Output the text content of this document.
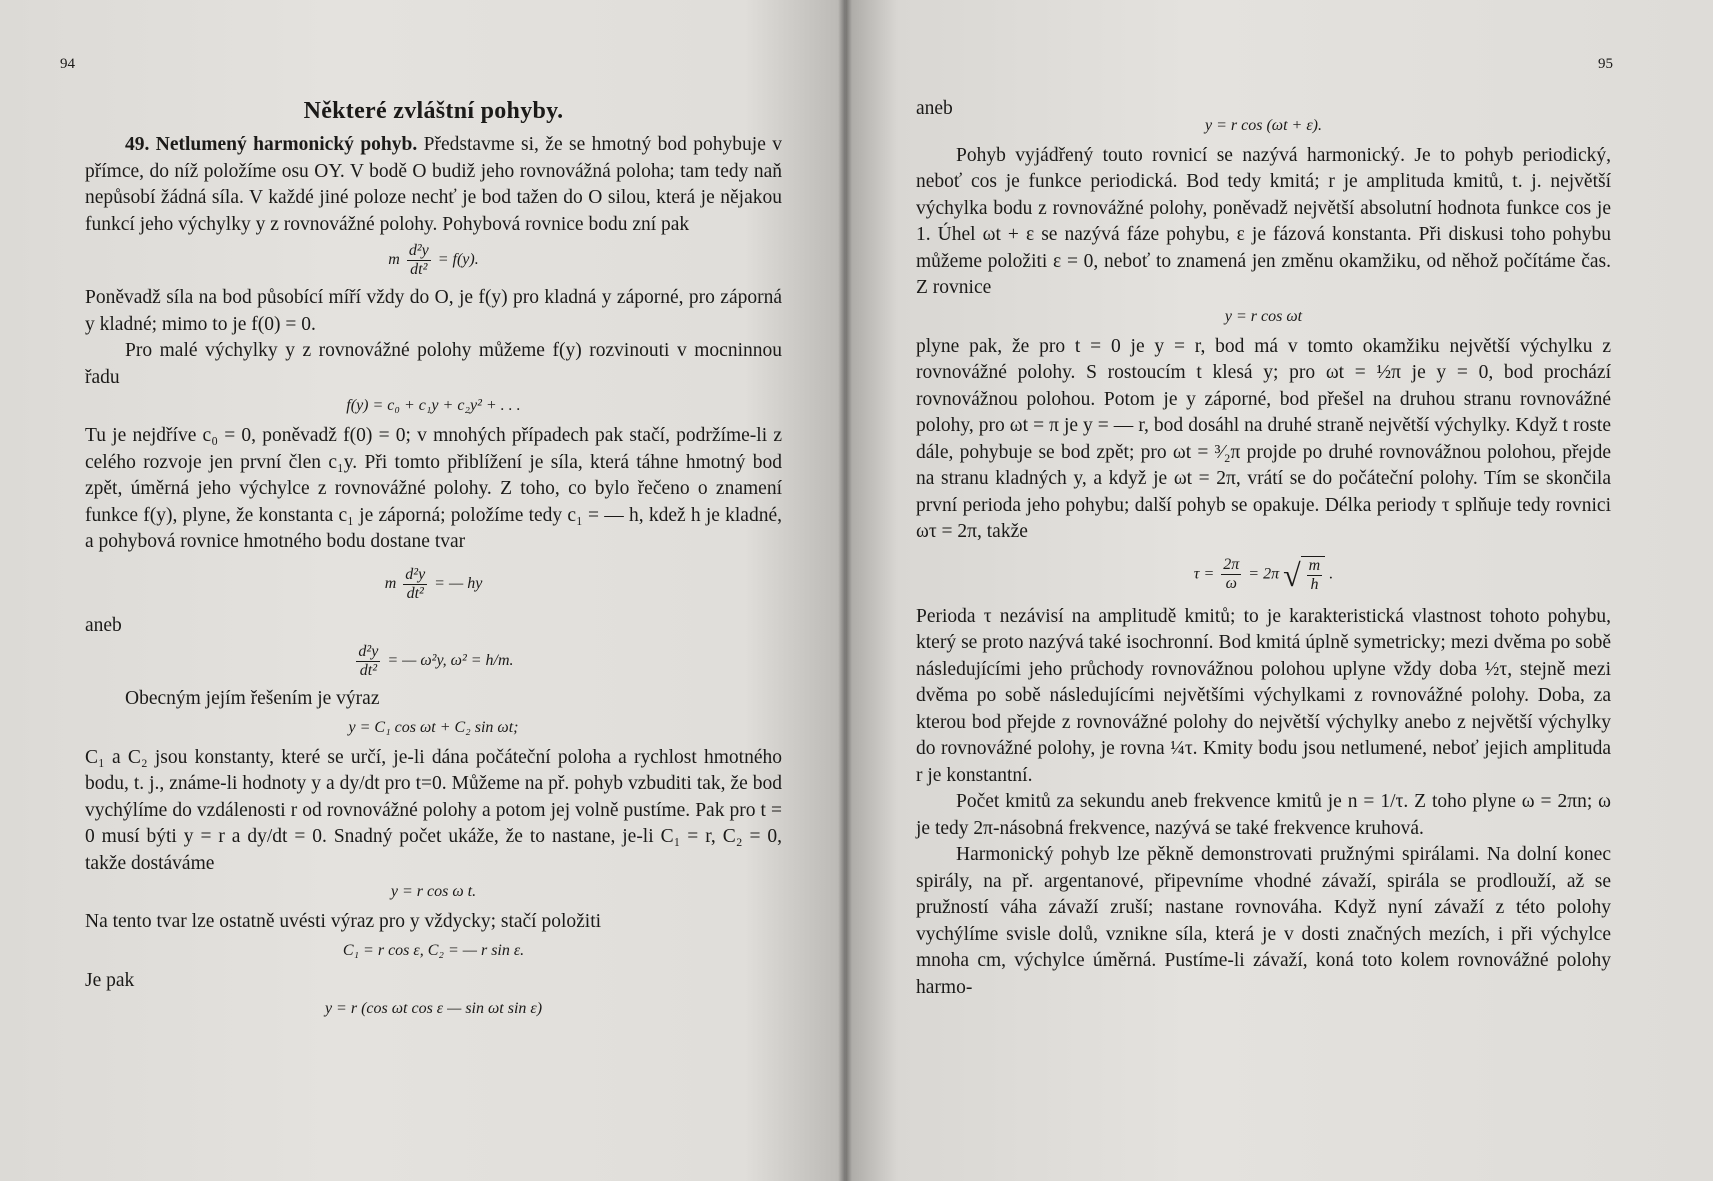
94
Některé zvláštní pohyby.

49. Netlumený harmonický pohyb. Představme si, že se hmotný bod pohybuje v přímce, do níž položíme osu OY. V bodě O budiž jeho rovnovážná poloha; tam tedy naň nepůsobí žádná síla. V každé jiné poloze nechť je bod tažen do O silou, která je nějakou funkcí jeho výchylky y z rovnovážné polohy. Pohybová rovnice bodu zní pak

m $\frac{\text{d²y}}{\text{dt²}} = f(y)$.

Poněvadž síla na bod působící míří vždy do O, je f(y) pro kladná y záporné, pro záporná y kladné; mimo to je f(0) = 0.

Pro malé výchylky y z rovnovážné polohy můžeme f(y) rozvinouti v mocninnou řadu

f(y) = c₀ + c₁y + c₂y² + . . .

Tu je nejdříve c₀ = 0, poněvadž f(0) = 0; v mnohých případech pak stačí, podržíme-li z celého rozvoje jen první člen c₁y. Při tomto přiblížení je síla, která táhne hmotný bod zpět, úměrná jeho výchylce z rovnovážné polohy. Z toho, co bylo řečeno o znamení funkce f(y), plyne, že konstanta c₁ je záporná; položíme tedy c₁ = — h, kdež h je kladné, a pohybová rovnice hmotného bodu dostane tvar

m $\frac{\text{d²y}}{\text{dt²}}$ = — hy

aneb

$\frac{\text{d²y}}{\text{dt²}}$ = — ω²y, ω² = h/m.

Obecným jejím řešením je výraz

y = C₁ cos ωt + C₂ sin ωt;

C₁ a C₂ jsou konstanty, které se určí, je-li dána počáteční poloha a rychlost hmotného bodu, t. j., známe-li hodnoty y a dy/dt pro t=0. Můžeme na př. pohyb vzbuditi tak, že bod vychýlíme do vzdálenosti r od rovnovážné polohy a potom jej volně pustíme. Pak pro t = 0 musí býti y = r a dy/dt = 0. Snadný počet ukáže, že to nastane, je-li C₁ = r, C₂ = 0, takže dostáváme

y = r cos ω t.

Na tento tvar lze ostatně uvésti výraz pro y vždycky; stačí položiti

C₁ = r cos ε, C₂ = — r sin ε.

Je pak

y = r (cos ωt cos ε — sin ωt sin ε)
95

aneb

y = r cos (ωt + ε).

Pohyb vyjádřený touto rovnicí se nazývá harmonický. Je to pohyb periodický, neboť cos je funkce periodická. Bod tedy kmitá; r je amplituda kmitů, t. j. největší výchylka bodu z rovnovážné polohy, poněvadž největší absolutní hodnota funkce cos je 1. Úhel ωt + ε se nazývá fáze pohybu, ε je fázová konstanta. Při diskusi toho pohybu můžeme položiti ε = 0, neboť to znamená jen změnu okamžiku, od něhož počítáme čas. Z rovnice

y = r cos ωt

plyne pak, že pro t = 0 je y = r, bod má v tomto okamžiku největší výchylku z rovnovážné polohy. S rostoucím t klesá y; pro ωt = ½π je y = 0, bod prochází rovnovážnou polohou. Potom je y záporné, bod přešel na druhou stranu rovnovážné polohy, pro ωt = π je y = — r, bod dosáhl na druhé straně největší výchylky. Když t roste dále, pohybuje se bod zpět; pro ωt = ³⁄₂π projde po druhé rovnovážnou polohou, přejde na stranu kladných y, a když je ωt = 2π, vrátí se do počáteční polohy. Tím se skončila první perioda jeho pohybu; další pohyb se opakuje. Délka periody τ splňuje tedy rovnici ωτ = 2π, takže

$\tau = \frac{2\pi}{\omega} = 2\pi$ √ $\frac{m}{h}$ .

Perioda τ nezávisí na amplitudě kmitů; to je karakteristická vlastnost tohoto pohybu, který se proto nazývá také isochronní. Bod kmitá úplně symetricky; mezi dvěma po sobě následujícími jeho průchody rovnovážnou polohou uplyne vždy doba ½τ, stejně mezi dvěma po sobě následujícími největšími výchylkami z rovnovážné polohy. Doba, za kterou bod přejde z rovnovážné polohy do největší výchylky anebo z největší výchylky do rovnovážné polohy, je rovna ¼τ. Kmity bodu jsou netlumené, neboť jejich amplituda r je konstantní.

Počet kmitů za sekundu aneb frekvence kmitů je n = 1/τ. Z toho plyne ω = 2πn; ω je tedy 2π-násobná frekvence, nazývá se také frekvence kruhová.

Harmonický pohyb lze pěkně demonstrovati pružnými spirálami. Na dolní konec spirály, na př. argentanové, připevníme vhodné závaží, spirála se prodlouží, až se pružností váha závaží zruší; nastane rovnováha. Když nyní závaží z této polohy vychýlíme svisle dolů, vznikne síla, která je v dosti značných mezích, i při výchylce mnoha cm, výchylce úměrná. Pustíme-li závaží, koná toto kolem rovnovážné polohy harmo-
